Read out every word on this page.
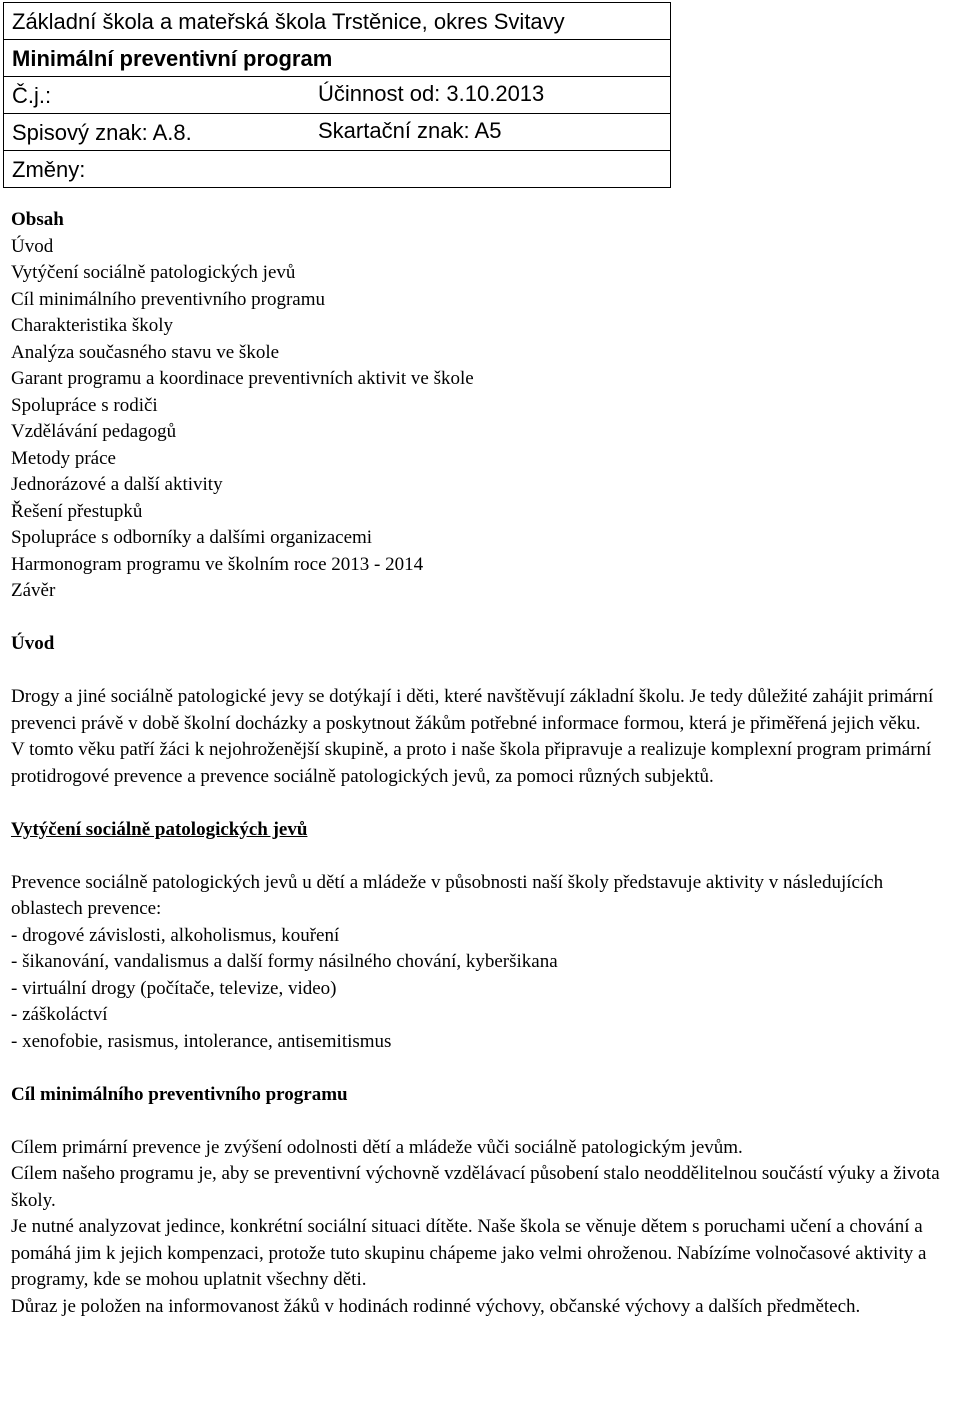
Základní škola a mateřská škola Trstěnice, okres Svitavy
Minimální preventivní program
Č.j.:	Účinnost od: 3.10.2013

Spisový znak: A.8.	Skartační znak: A5

Změny:
Obsah
Úvod
Vytýčení sociálně patologických jevů
Cíl minimálního preventivního programu
Charakteristika školy
Analýza současného stavu ve škole
Garant programu a koordinace preventivních aktivit ve škole
Spolupráce s rodiči
Vzdělávání pedagogů
Metody práce
Jednorázové a další aktivity
Řešení přestupků
Spolupráce s odborníky a dalšími organizacemi
Harmonogram programu ve školním roce 2013 - 2014
Závěr
Úvod

Drogy a jiné sociálně patologické jevy se dotýkají i děti, které navštěvují základní školu. Je tedy důležité zahájit primární prevenci právě v době školní docházky a poskytnout žákům potřebné informace formou, která je přiměřená jejich věku.

V tomto věku patří žáci k nejohroženější skupině, a proto i naše škola připravuje a realizuje komplexní program primární protidrogové prevence a prevence sociálně patologických jevů, za pomoci různých subjektů.

Vytýčení sociálně patologických jevů

Prevence sociálně patologických jevů u dětí a mládeže v působnosti naší školy představuje aktivity v následujících oblastech prevence:

- drogové závislosti, alkoholismus, kouření
- šikanování, vandalismus a další formy násilného chování, kyberšikana
- virtuální drogy (počítače, televize, video)
- záškoláctví
- xenofobie, rasismus, intolerance, antisemitismus
Cíl minimálního preventivního programu

Cílem primární prevence je zvýšení odolnosti dětí a mládeže vůči sociálně patologickým jevům.

Cílem našeho programu je, aby se preventivní výchovně vzdělávací působení stalo neoddělitelnou součástí výuky a života školy.

Je nutné analyzovat jedince, konkrétní sociální situaci dítěte. Naše škola se věnuje dětem s poruchami učení a chování a pomáhá jim k jejich kompenzaci, protože tuto skupinu chápeme jako velmi ohroženou. Nabízíme volnočasové aktivity a programy, kde se mohou uplatnit všechny děti.

Důraz je položen na informovanost žáků v hodinách rodinné výchovy, občanské výchovy a dalších předmětech.
